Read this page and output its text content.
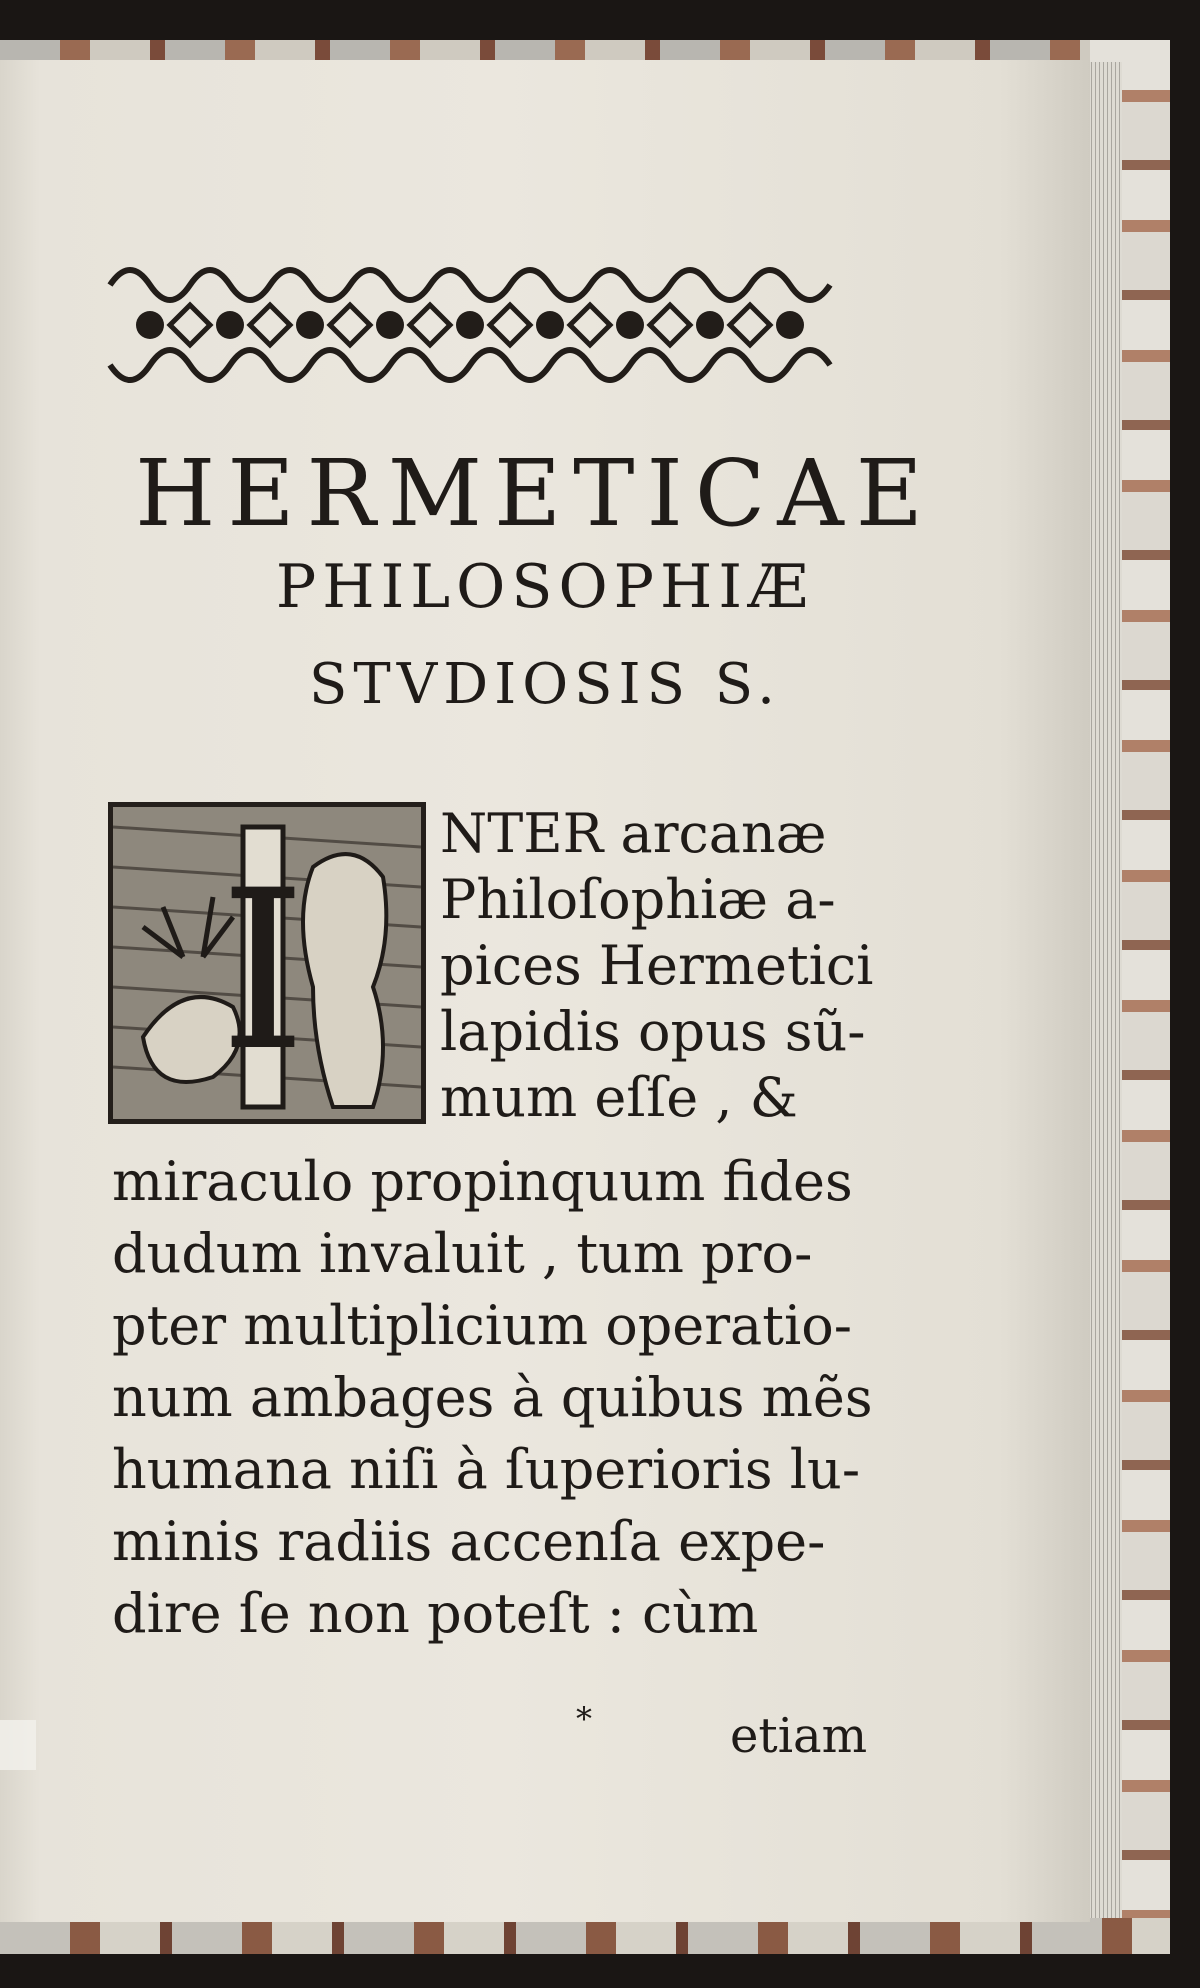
HERMETICAE
PHILOSOPHIÆ
STVDIOSIS S.
I

NTER arcanæ

Philoſophiæ a-

pices Hermetici

lapidis opus sũ-

mum eſſe , &

miraculo propinquum fides

dudum invaluit , tum pro-

pter multiplicium operatio-

num ambages à quibus mẽs

humana niſi à ſuperioris lu-

minis radiis accenſa expe-

dire ſe non poteſt : cùm

*	etiam
